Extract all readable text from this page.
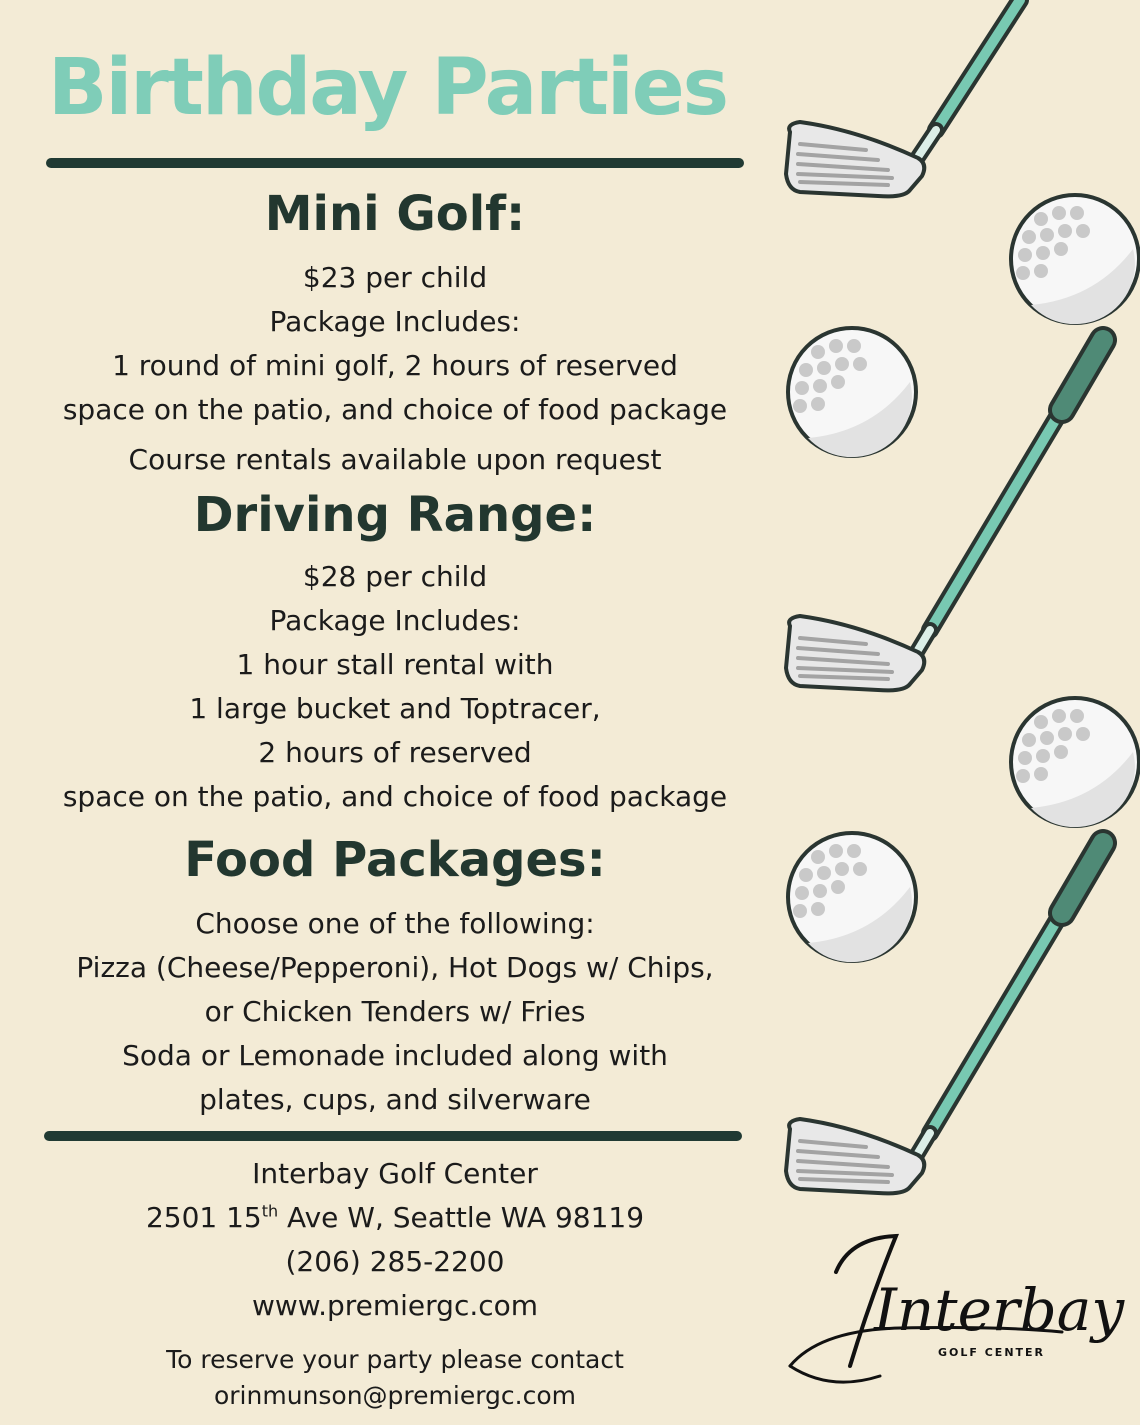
Interbay
GOLF CENTER
Birthday Parties
Mini Golf:

$23 per child

Package Includes:

1 round of mini golf, 2 hours of reserved

space on the patio, and choice of food package

Course rentals available upon request

Driving Range:

$28 per child

Package Includes:

1 hour stall rental with

1 large bucket and Toptracer,

2 hours of reserved

space on the patio, and choice of food package

Food Packages:

Choose one of the following:

Pizza (Cheese/Pepperoni), Hot Dogs w/ Chips,

or Chicken Tenders w/ Fries

Soda or Lemonade included along with

plates, cups, and silverware

Interbay Golf Center

2501 15th Ave W, Seattle WA 98119

(206) 285-2200

www.premiergc.com

To reserve your party please contact

orinmunson@premiergc.com
